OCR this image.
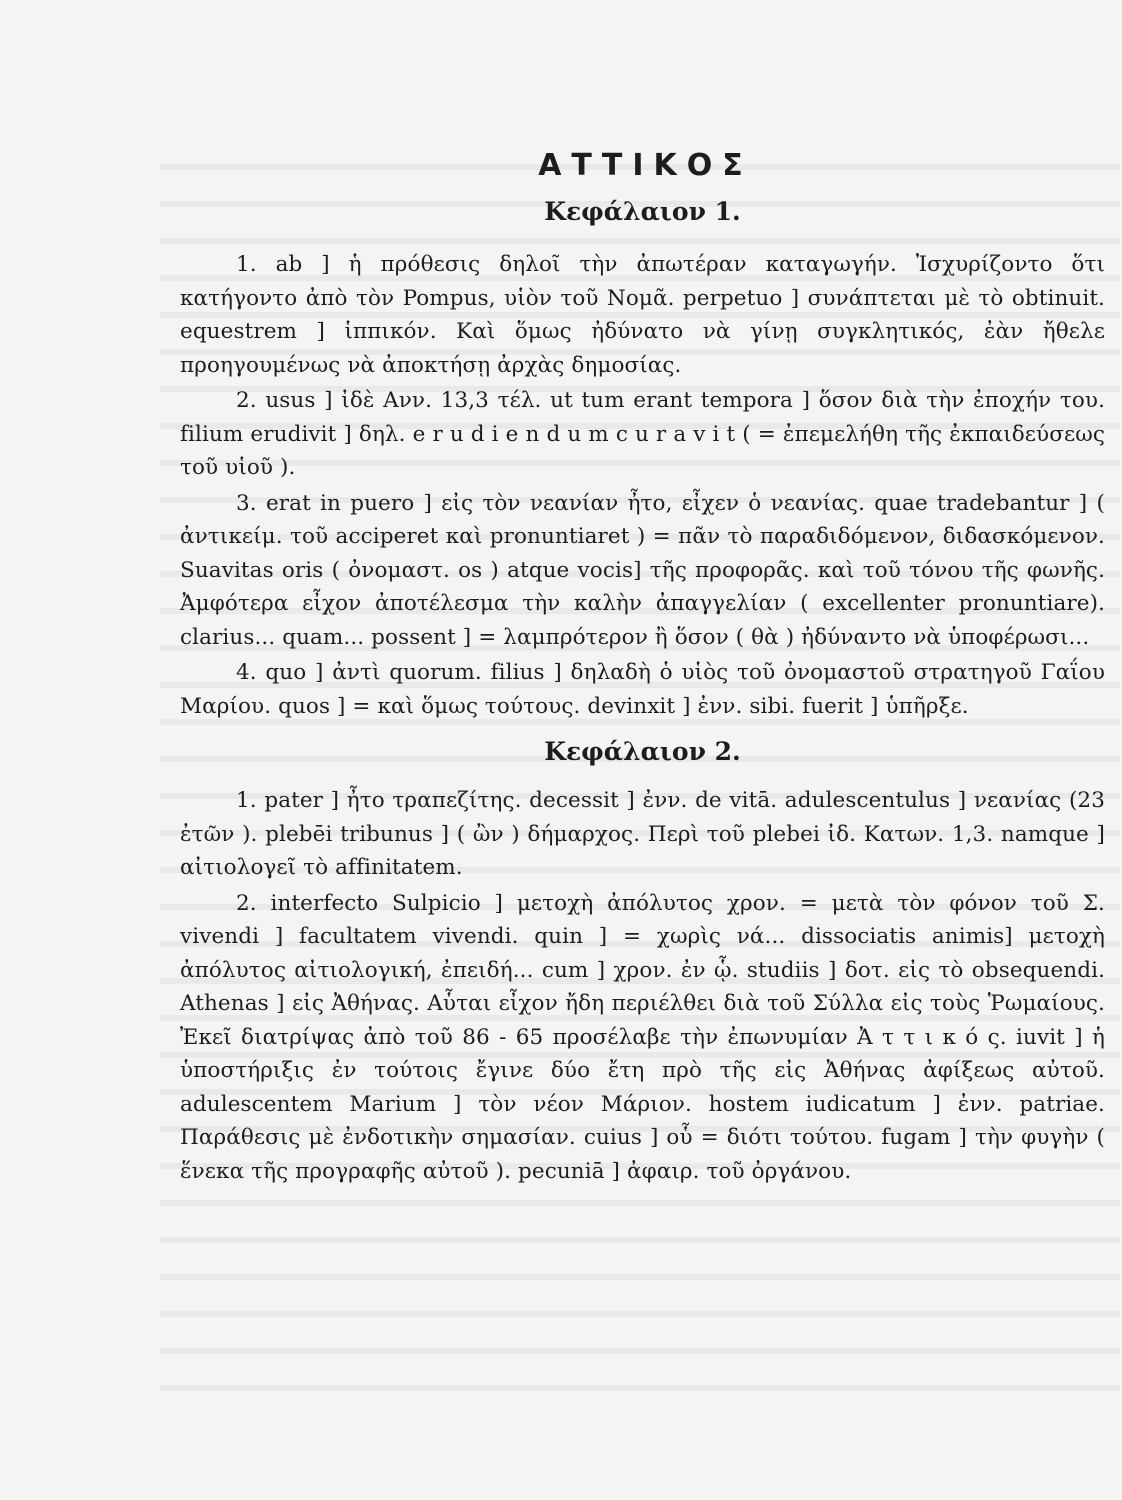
ΑΤΤΙΚΟΣ
Κεφάλαιον 1.

1. ab ] ἡ πρόθεσις δηλοῖ τὴν ἀπωτέραν καταγωγήν. Ἰσχυρίζοντο ὅτι κατήγοντο ἀπὸ τὸν Pompus, υἱὸν τοῦ Νομᾶ. perpetuo ] συνάπτεται μὲ τὸ obtinuit. equestrem ] ἱππικόν. Καὶ ὅμως ἠδύνατο νὰ γίνῃ συγκλητικός, ἐὰν ἤθελε προηγουμένως νὰ ἀποκτήσῃ ἀρχὰς δημοσίας.

2. usus ] ἰδὲ Ανν. 13,3 τέλ. ut tum erant tempora ] ὅσον διὰ τὴν ἐποχήν του. filium erudivit ] δηλ. e r u d i e n d u m c u r a v i t ( = ἐπεμελήθη τῆς ἐκπαιδεύσεως τοῦ υἱοῦ ).

3. erat in puero ] εἰς τὸν νεανίαν ἦτο, εἶχεν ὁ νεανίας. quae tradebantur ] ( ἀντικείμ. τοῦ acciperet καὶ pronuntiaret ) = πᾶν τὸ παραδιδόμενον, διδασκόμενον. Suavitas oris ( ὀνομαστ. os ) atque vocis] τῆς προφορᾶς. καὶ τοῦ τόνου τῆς φωνῆς. Ἀμφότερα εἶχον ἀποτέλεσμα τὴν καλὴν ἀπαγγελίαν ( excellenter pronuntiare). clarius... quam... possent ] = λαμπρότερον ἢ ὅσον ( θὰ ) ἠδύναντο νὰ ὑποφέρωσι...

4. quo ] ἀντὶ quorum. filius ] δηλαδὴ ὁ υἱὸς τοῦ ὀνομαστοῦ στρατηγοῦ Γαΐου Μαρίου. quos ] = καὶ ὅμως τούτους. devinxit ] ἐνν. sibi. fuerit ] ὑπῆρξε.

Κεφάλαιον 2.

1. pater ] ἦτο τραπεζίτης. decessit ] ἐνν. de vitā. adulescentulus ] νεανίας (23 ἐτῶν ). plebēi tribunus ] ( ὢν ) δήμαρχος. Περὶ τοῦ plebei ἰδ. Κατων. 1,3. namque ] αἰτιολογεῖ τὸ affinitatem.

2. interfecto Sulpicio ] μετοχὴ ἀπόλυτος χρον. = μετὰ τὸν φόνον τοῦ Σ. vivendi ] facultatem vivendi. quin ] = χωρὶς νά... dissociatis animis] μετοχὴ ἀπόλυτος αἰτιολογική, ἐπειδή... cum ] χρον. ἐν ᾧ. studiis ] δοτ. εἰς τὸ obsequendi. Athenas ] εἰς Ἀθήνας. Αὗται εἶχον ἤδη περιέλθει διὰ τοῦ Σύλλα εἰς τοὺς Ῥωμαίους. Ἐκεῖ διατρίψας ἀπὸ τοῦ 86 - 65 προσέλαβε τὴν ἐπωνυμίαν Ἀ τ τ ι κ ό ς. iuvit ] ἡ ὑποστήριξις ἐν τούτοις ἔγινε δύο ἔτη πρὸ τῆς εἰς Ἀθήνας ἀφίξεως αὐτοῦ. adulescentem Marium ] τὸν νέον Μάριον. hostem iudicatum ] ἐνν. patriae. Παράθεσις μὲ ἐνδοτικὴν σημασίαν. cuius ] οὗ = διότι τούτου. fugam ] τὴν φυγὴν ( ἕνεκα τῆς προγραφῆς αὐτοῦ ). pecuniā ] ἀφαιρ. τοῦ ὀργάνου.
